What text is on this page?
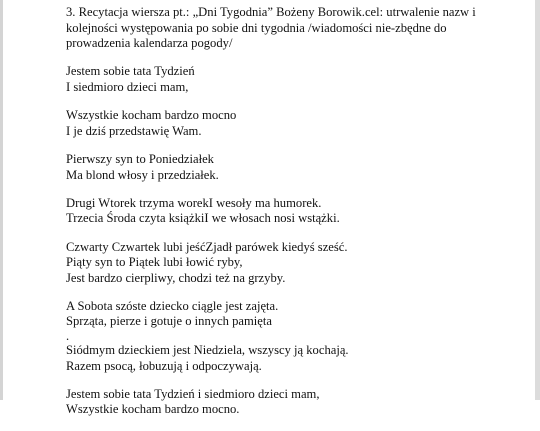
3. Recytacja wiersza pt.: „Dni Tygodnia” Bożeny Borowik.cel: utrwalenie nazw i
kolejności występowania po sobie dni tygodnia /wiadomości nie-zbędne do
prowadzenia kalendarza pogody/
Jestem sobie tata Tydzień
I siedmioro dzieci mam,
Wszystkie kocham bardzo mocno
I je dziś przedstawię Wam.
Pierwszy syn to Poniedziałek
Ma blond włosy i przedziałek.
Drugi Wtorek trzyma worekI wesoły ma humorek.
Trzecia Środa czyta książkiI we włosach nosi wstążki.
Czwarty Czwartek lubi jeśćZjadł parówek kiedyś sześć.
Piąty syn to Piątek lubi łowić ryby,
Jest bardzo cierpliwy, chodzi też na grzyby.
A Sobota szóste dziecko ciągle jest zajęta.
Sprząta, pierze i gotuje o innych pamięta
.
Siódmym dzieckiem jest Niedziela, wszyscy ją kochają.
Razem psocą, łobuzują i odpoczywają.
Jestem sobie tata Tydzień i siedmioro dzieci mam,
Wszystkie kocham bardzo mocno.
